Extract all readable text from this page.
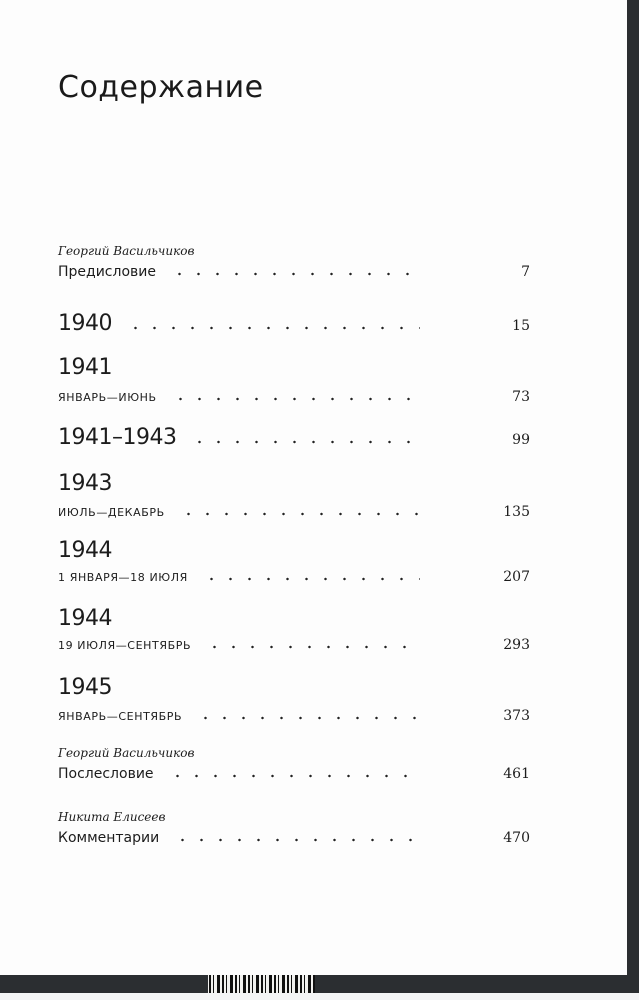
Содержание
Георгий Васильчиков
Предисловие	7
1940	15
1941
ЯНВАРЬ—ИЮНЬ	73
1941–1943	99
1943
ИЮЛЬ—ДЕКАБРЬ	135
1944
1 ЯНВАРЯ—18 ИЮЛЯ	207
1944
19 ИЮЛЯ—СЕНТЯБРЬ	293
1945
ЯНВАРЬ—СЕНТЯБРЬ	373
Георгий Васильчиков
Послесловие	461
Никита Елисеев
Комментарии	470
